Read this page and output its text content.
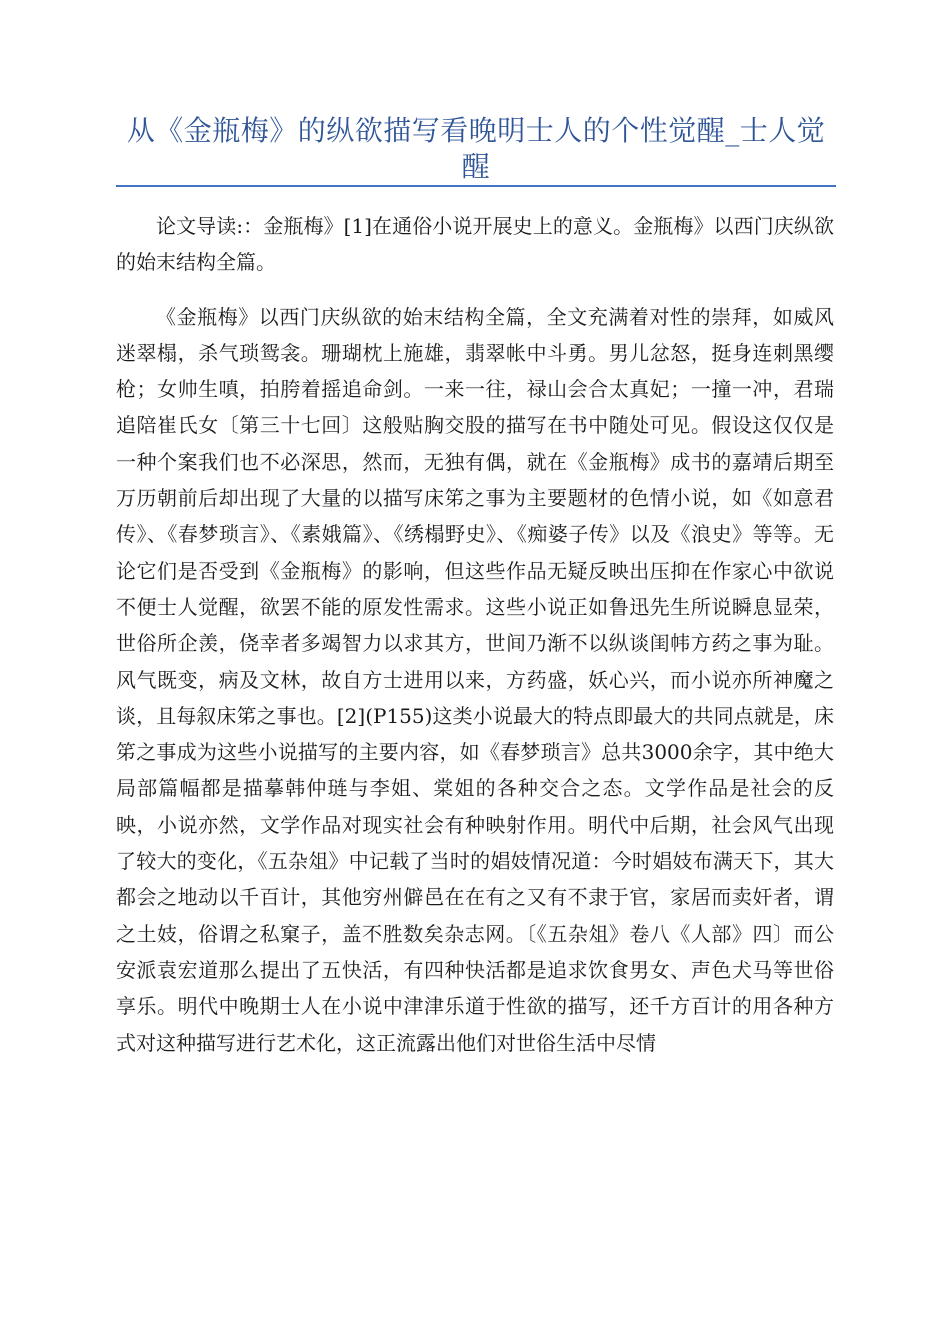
从《金瓶梅》的纵欲描写看晚明士人的个性觉醒_士人觉醒

论文导读:：金瓶梅》[1]在通俗小说开展史上的意义。金瓶梅》以西门庆纵欲的始末结构全篇。

《金瓶梅》以西门庆纵欲的始末结构全篇，全文充满着对性的崇拜，如威风迷翠榻，杀气琐鸳衾。珊瑚枕上施雄，翡翠帐中斗勇。男儿忿怒，挺身连刺黑缨枪；女帅生嗔，拍胯着摇追命剑。一来一往，禄山会合太真妃；一撞一冲，君瑞追陪崔氏女〔第三十七回〕这般贴胸交股的描写在书中随处可见。假设这仅仅是一种个案我们也不必深思，然而，无独有偶，就在《金瓶梅》成书的嘉靖后期至万历朝前后却出现了大量的以描写床笫之事为主要题材的色情小说，如《如意君传》、《春梦琐言》、《素娥篇》、《绣榻野史》、《痴婆子传》以及《浪史》等等。无论它们是否受到《金瓶梅》的影响，但这些作品无疑反映出压抑在作家心中欲说不便士人觉醒，欲罢不能的原发性需求。这些小说正如鲁迅先生所说瞬息显荣，世俗所企羡，侥幸者多竭智力以求其方，世间乃渐不以纵谈闺帏方药之事为耻。风气既变，病及文林，故自方士进用以来，方药盛，妖心兴，而小说亦所神魔之谈，且每叙床笫之事也。[2](P155)这类小说最大的特点即最大的共同点就是，床笫之事成为这些小说描写的主要内容，如《春梦琐言》总共3000余字，其中绝大局部篇幅都是描摹韩仲琏与李姐、棠姐的各种交合之态。文学作品是社会的反映，小说亦然，文学作品对现实社会有种映射作用。明代中后期，社会风气出现了较大的变化，《五杂俎》中记载了当时的娼妓情况道：今时娼妓布满天下，其大都会之地动以千百计，其他穷州僻邑在在有之又有不隶于官，家居而卖奸者，谓之土妓，俗谓之私窠子，盖不胜数矣杂志网。〔《五杂俎》卷八《人部》四〕而公安派袁宏道那么提出了五快活，有四种快活都是追求饮食男女、声色犬马等世俗享乐。明代中晚期士人在小说中津津乐道于性欲的描写，还千方百计的用各种方式对这种描写进行艺术化，这正流露出他们对世俗生活中尽情
